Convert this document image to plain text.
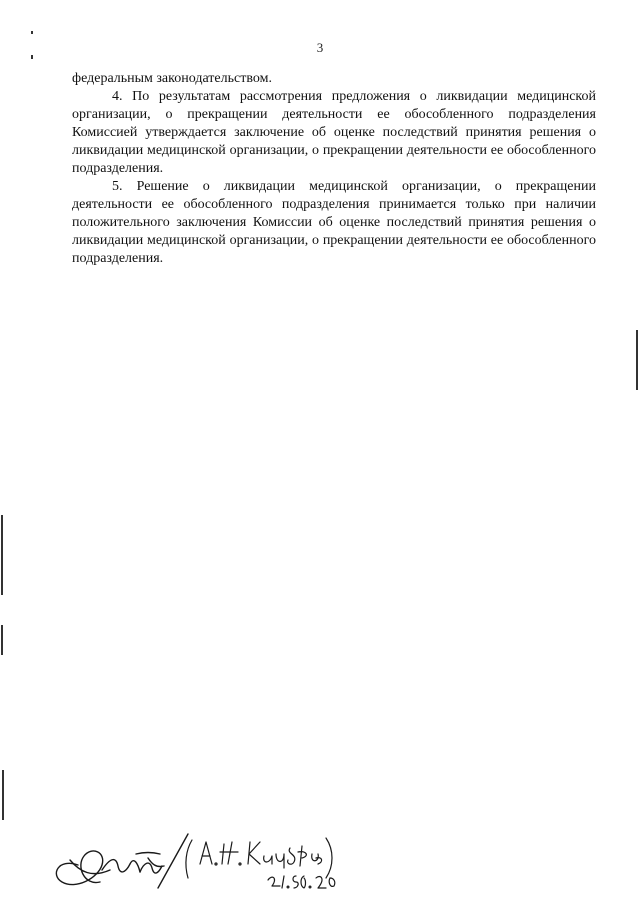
3

федеральным законодательством.

4. По результатам рассмотрения предложения о ликвидации медицинской организации, о прекращении деятельности ее обособленного подразделения Комиссией утверждается заключение об оценке последствий принятия решения о ликвидации медицинской организации, о прекращении деятельности ее обособленного подразделения.

5. Решение о ликвидации медицинской организации, о прекращении деятельности ее обособленного подразделения принимается только при наличии положительного заключения Комиссии об оценке последствий принятия решения о ликвидации медицинской организации, о прекращении деятельности ее обособленного подразделения.
